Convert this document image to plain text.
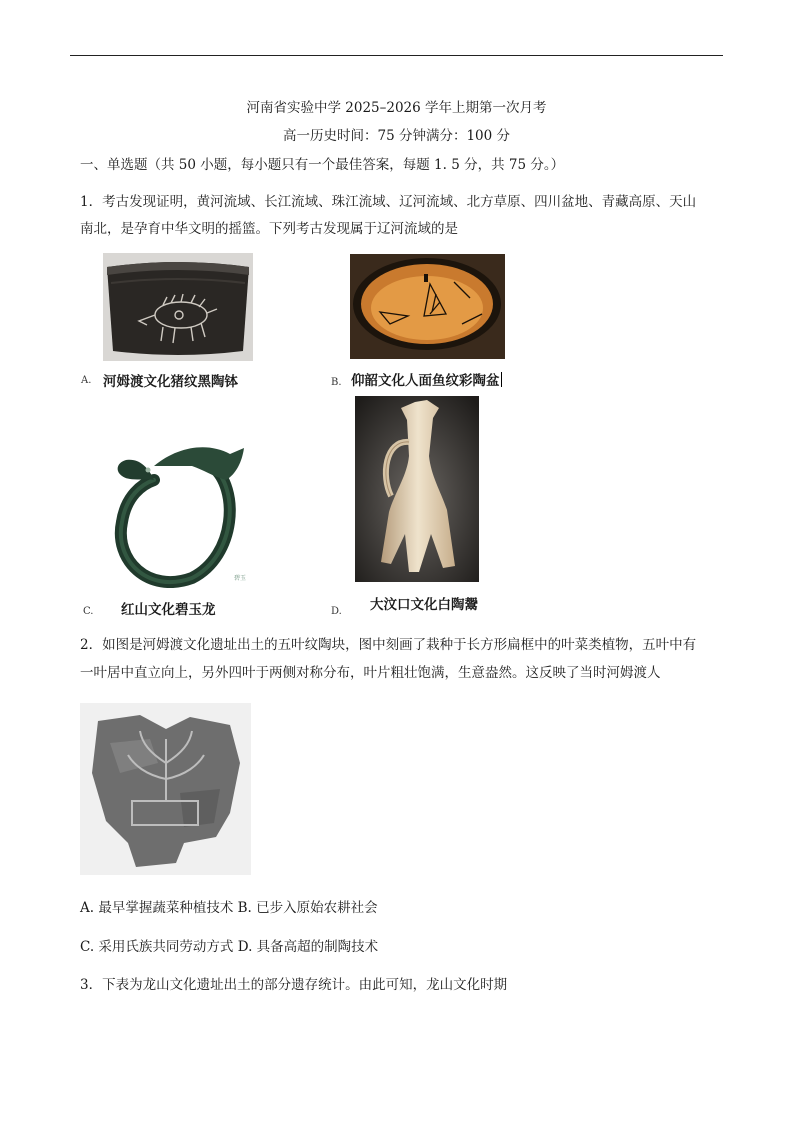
河南省实验中学 2025–2026 学年上期第一次月考
高一历史时间：75 分钟满分：100 分
一、单选题（共 50 小题，每小题只有一个最佳答案，每题 1. 5 分，共 75 分。）
1．考古发现证明，黄河流域、长江流域、珠江流域、辽河流域、北方草原、四川盆地、青藏高原、天山
南北，是孕育中华文明的摇篮。下列考古发现属于辽河流域的是
A. 河姆渡文化猪纹黑陶钵	B. 仰韶文化人面鱼纹彩陶盆
碧玉
C. 红山文化碧玉龙	D. 大汶口文化白陶鬶
2．如图是河姆渡文化遗址出土的五叶纹陶块，图中刻画了栽种于长方形扁框中的叶菜类植物，五叶中有
一叶居中直立向上，另外四叶于两侧对称分布，叶片粗壮饱满，生意盎然。这反映了当时河姆渡人
A. 最早掌握蔬菜种植技术 B. 已步入原始农耕社会
C. 采用氏族共同劳动方式 D. 具备高超的制陶技术
3．下表为龙山文化遗址出土的部分遗存统计。由此可知，龙山文化时期
